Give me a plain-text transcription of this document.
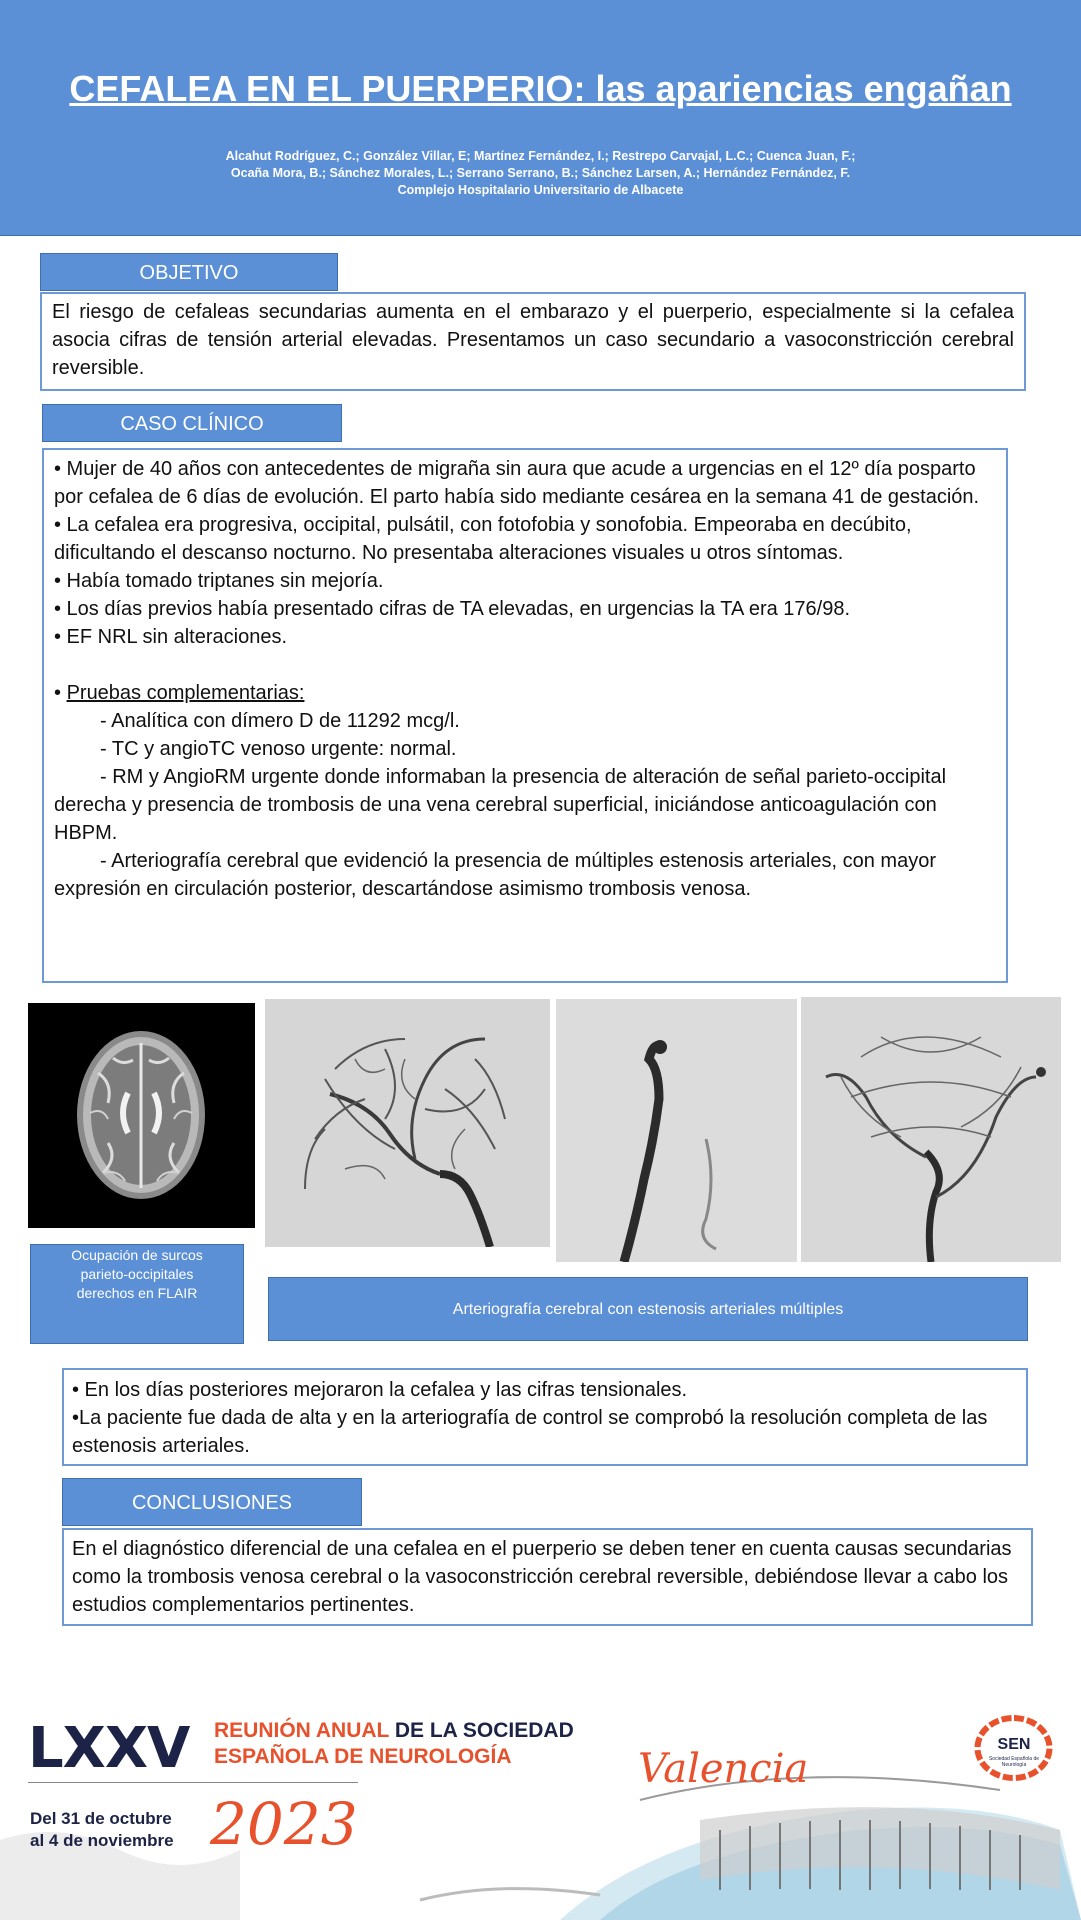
CEFALEA EN EL PUERPERIO: las apariencias engañan
Alcahut Rodríguez, C.; González Villar, E; Martínez Fernández, I.; Restrepo Carvajal, L.C.; Cuenca Juan, F.;
Ocaña Mora, B.; Sánchez Morales, L.; Serrano Serrano, B.; Sánchez Larsen, A.; Hernández Fernández, F.
Complejo Hospitalario Universitario de Albacete
OBJETIVO

El riesgo de cefaleas secundarias aumenta en el embarazo y el puerperio, especialmente si la cefalea asocia cifras de tensión arterial elevadas. Presentamos un caso secundario a vasoconstricción cerebral reversible.

CASO CLÍNICO

• Mujer de 40 años con antecedentes de migraña sin aura que acude a urgencias en el 12º día posparto por cefalea de 6 días de evolución. El parto había sido mediante cesárea en la semana 41 de gestación.

• La cefalea era progresiva, occipital, pulsátil, con fotofobia y sonofobia. Empeoraba en decúbito, dificultando el descanso nocturno. No presentaba alteraciones visuales u otros síntomas.

• Había tomado triptanes sin mejoría.

• Los días previos había presentado cifras de TA elevadas, en urgencias la TA era 176/98.

• EF NRL sin alteraciones.

• Pruebas complementarias:

- Analítica con dímero D de 11292 mcg/l.

- TC y angioTC venoso urgente: normal.

- RM y AngioRM urgente donde informaban la presencia de alteración de señal parieto-occipital derecha y presencia de trombosis de una vena cerebral superficial, iniciándose anticoagulación con HBPM.

- Arteriografía cerebral que evidenció la presencia de múltiples estenosis arteriales, con mayor expresión en circulación posterior, descartándose asimismo trombosis venosa.

Ocupación de surcos parieto-occipitales derechos en FLAIR
Arteriografía cerebral con estenosis arteriales múltiples

• En los días posteriores mejoraron la cefalea y las cifras tensionales.

•La paciente fue dada de alta y en la arteriografía de control se comprobó la resolución completa de las estenosis arteriales.

CONCLUSIONES

En el diagnóstico diferencial de una cefalea en el puerperio se deben tener en cuenta causas secundarias como la trombosis venosa cerebral o la vasoconstricción cerebral reversible, debiéndose llevar a cabo los estudios complementarios pertinentes.

LXXV REUNIÓN ANUAL DE LA SOCIEDAD
ESPAÑOLA DE NEUROLOGÍA	Valencia
Del 31 de octubre
al 4 de noviembre 2023
SEN
Sociedad Española de Neurología
